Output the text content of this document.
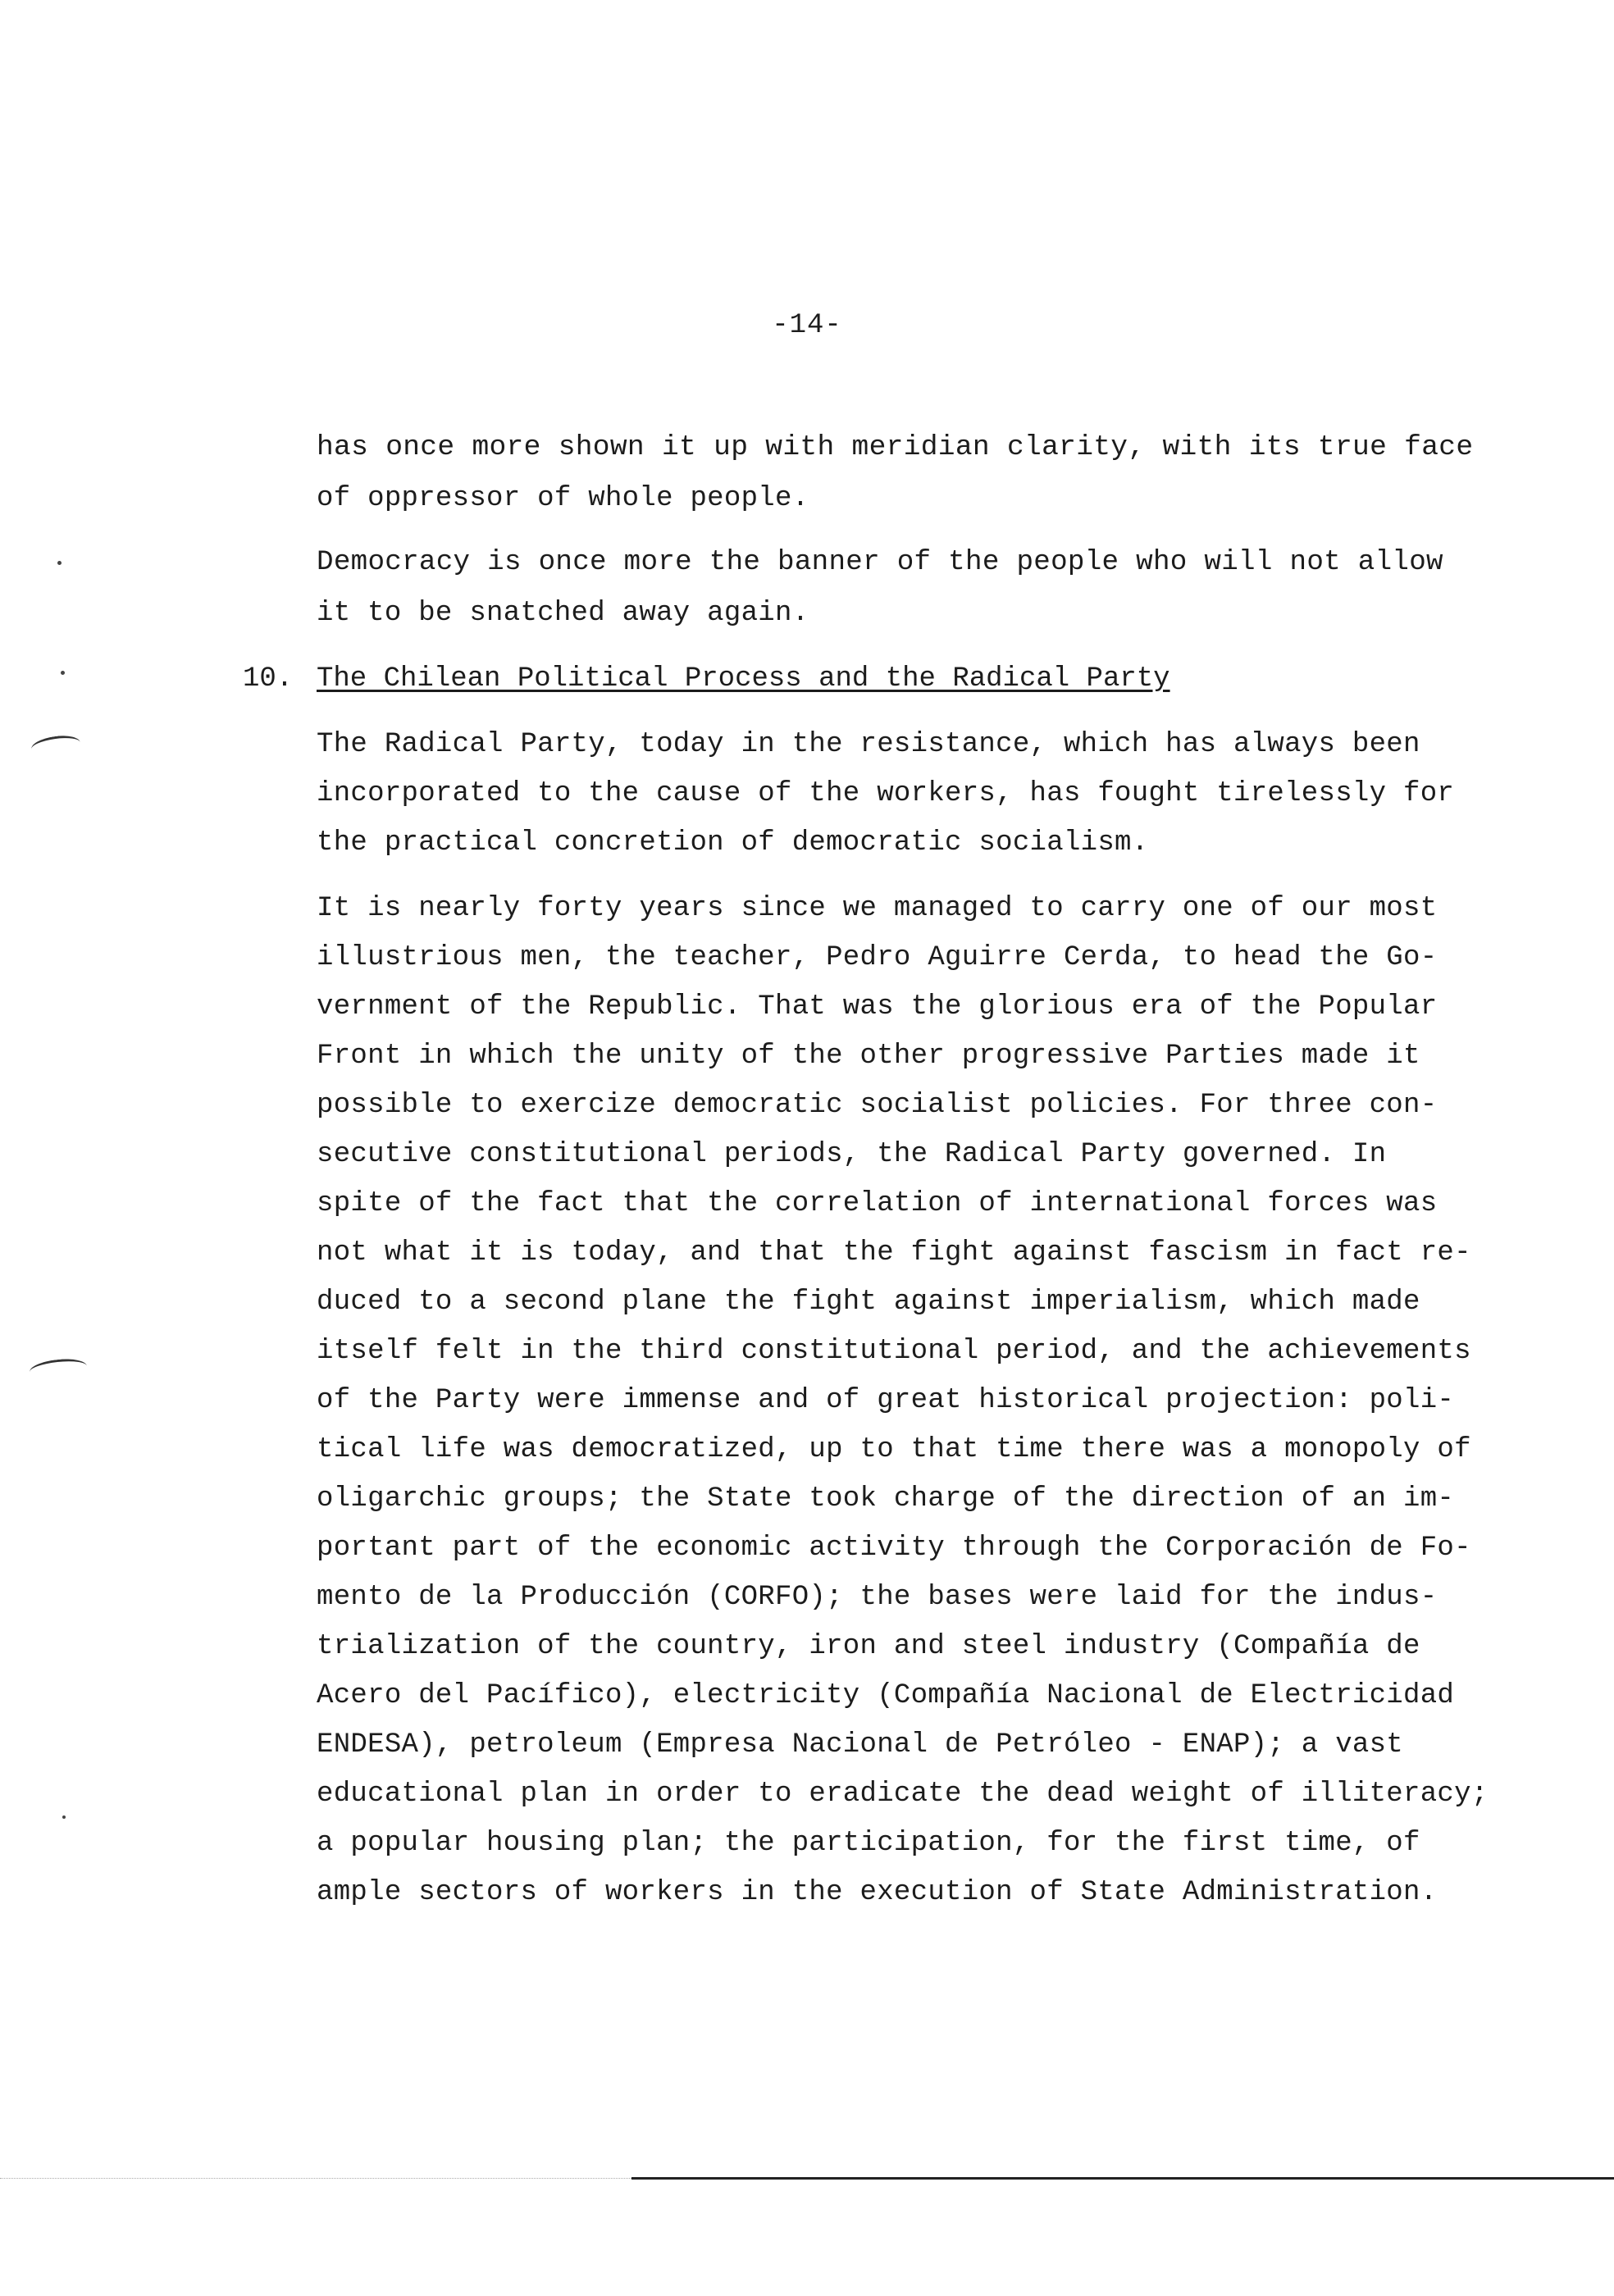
-14-
has once more shown it up with meridian clarity, with its true face
of oppressor of whole people.
Democracy is once more the banner of the people who will not allow
it to be snatched away again.
10. The Chilean Political Process and the Radical Party
The Radical Party, today in the resistance, which has always been
incorporated to the cause of the workers, has fought tirelessly for
the practical concretion of democratic socialism.
It is nearly forty years since we managed to carry one of our most
illustrious men, the teacher, Pedro Aguirre Cerda, to head the Go-
vernment of the Republic. That was the glorious era of the Popular
Front in which the unity of the other progressive Parties made it
possible to exercize democratic socialist policies. For three con-
secutive constitutional periods, the Radical Party governed. In
spite of the fact that the correlation of international forces was
not what it is today, and that the fight against fascism in fact re-
duced to a second plane the fight against imperialism, which made
itself felt in the third constitutional period, and the achievements
of the Party were immense and of great historical projection: poli-
tical life was democratized, up to that time there was a monopoly of
oligarchic groups; the State took charge of the direction of an im-
portant part of the economic activity through the Corporación de Fo-
mento de la Producción (CORFO); the bases were laid for the indus-
trialization of the country, iron and steel industry (Compañía de
Acero del Pacífico), electricity (Compañía Nacional de Electricidad
ENDESA), petroleum (Empresa Nacional de Petróleo - ENAP); a vast
educational plan in order to eradicate the dead weight of illiteracy;
a popular housing plan; the participation, for the first time, of
ample sectors of workers in the execution of State Administration.
